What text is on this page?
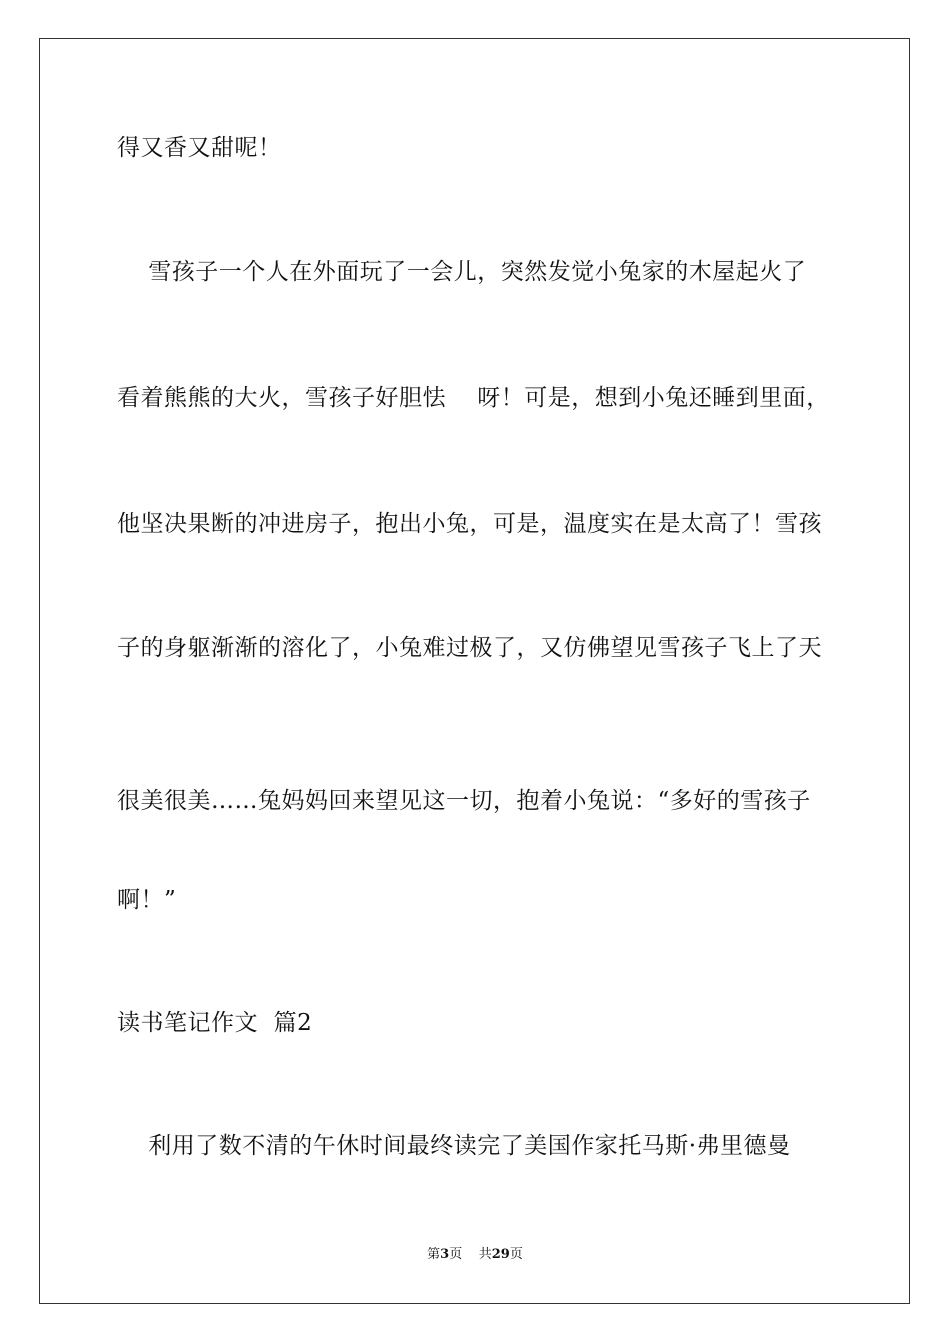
得又香又甜呢！
雪孩子一个人在外面玩了一会儿，突然发觉小兔家的木屋起火了
看着熊熊的大火，雪孩子好胆怯    呀！可是，想到小兔还睡到里面，
他坚决果断的冲进房子，抱出小兔，可是，温度实在是太高了！雪孩
子的身躯渐渐的溶化了，小兔难过极了，又仿佛望见雪孩子飞上了天
很美很美……兔妈妈回来望见这一切，抱着小兔说：“多好的雪孩子
啊！”
读书笔记作文  篇2
利用了数不清的午休时间最终读完了美国作家托马斯·弗里德曼
第3页 共29页
